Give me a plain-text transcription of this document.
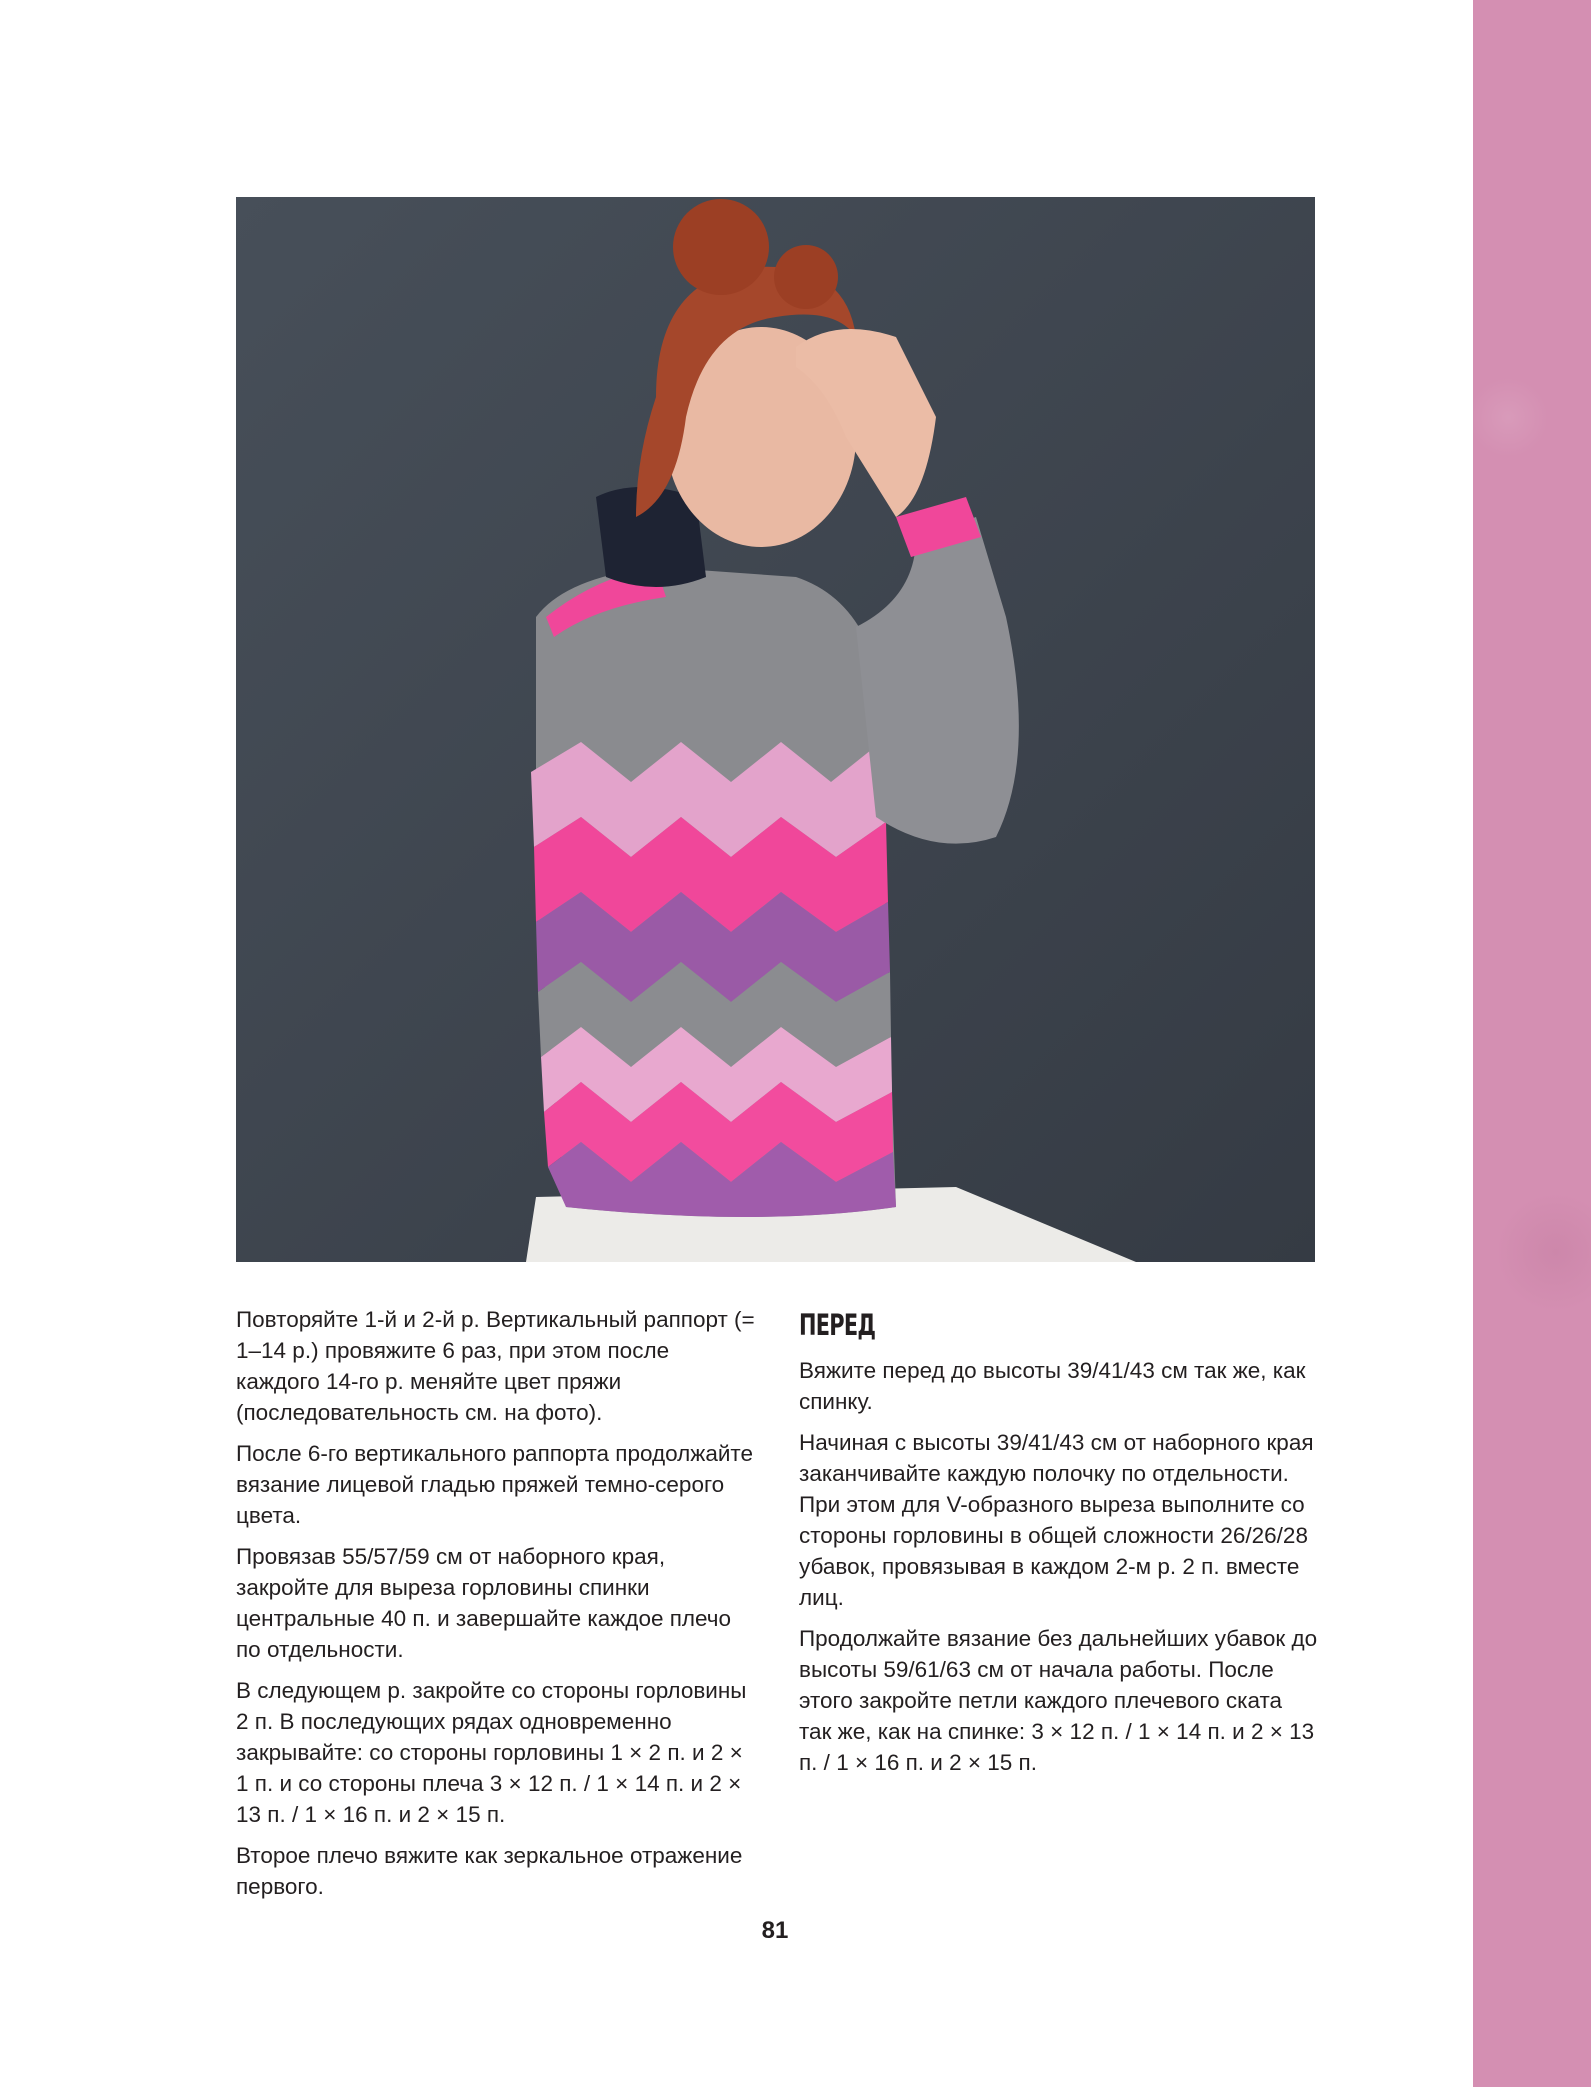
Повторяйте 1-й и 2-й р. Вертикальный раппорт (= 1–14 р.) провяжите 6 раз, при этом после каждого 14-го р. меняйте цвет пряжи (последовательность см. на фото).

После 6-го вертикального раппорта продолжайте вязание лицевой гладью пряжей темно-серого цвета.

Провязав 55/57/59 см от наборного края, закройте для выреза горловины спинки центральные 40 п. и завершайте каждое плечо по отдельности.

В следующем р. закройте со стороны горловины 2 п. В последующих рядах одновременно закрывайте: со стороны горловины 1 × 2 п. и 2 × 1 п. и со стороны плеча 3 × 12 п. / 1 × 14 п. и 2 × 13 п. / 1 × 16 п. и 2 × 15 п.

Второе плечо вяжите как зеркальное отражение первого.

ПЕРЕД

Вяжите перед до высоты 39/41/43 см так же, как спинку.

Начиная с высоты 39/41/43 см от наборного края заканчивайте каждую полочку по отдельности. При этом для V-образного выреза выполните со стороны горловины в общей сложности 26/26/28 убавок, провязывая в каждом 2-м р. 2 п. вместе лиц.

Продолжайте вязание без дальнейших убавок до высоты 59/61/63 см от начала работы. После этого закройте петли каждого плечевого ската так же, как на спинке: 3 × 12 п. / 1 × 14 п. и 2 × 13 п. / 1 × 16 п. и 2 × 15 п.

81
